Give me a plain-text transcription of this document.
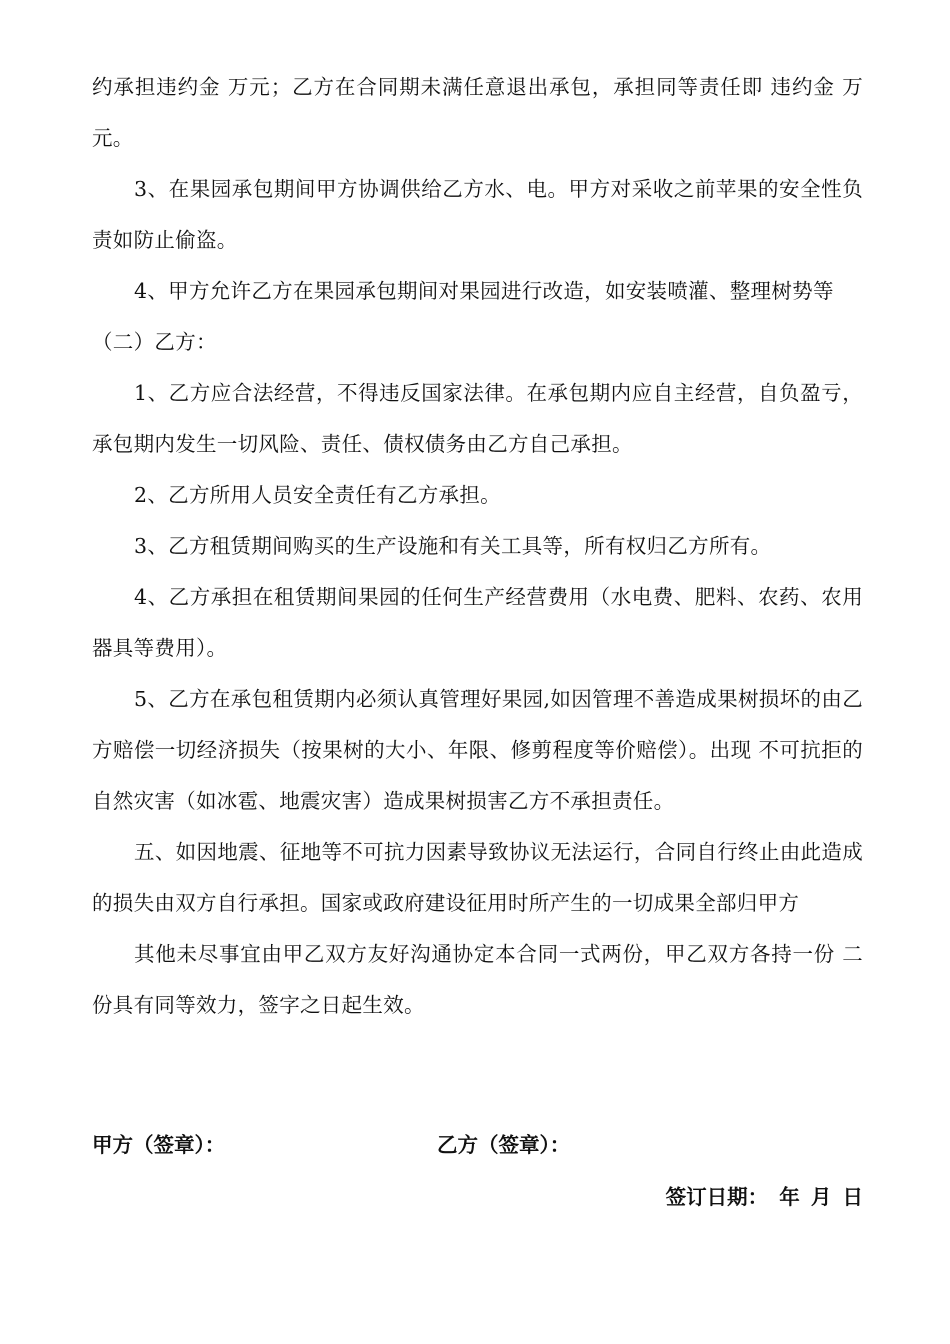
约承担违约金 万元；乙方在合同期未满任意退出承包，承担同等责任即 违约金 万元。

3、在果园承包期间甲方协调供给乙方水、电。甲方对采收之前苹果的安全性负责如防止偷盗。

4、甲方允许乙方在果园承包期间对果园进行改造，如安装喷灌、整理树势等

（二）乙方：

1、乙方应合法经营，不得违反国家法律。在承包期内应自主经营，自负盈亏，承包期内发生一切风险、责任、债权债务由乙方自己承担。

2、乙方所用人员安全责任有乙方承担。

3、乙方租赁期间购买的生产设施和有关工具等，所有权归乙方所有。

4、乙方承担在租赁期间果园的任何生产经营费用（水电费、肥料、农药、农用器具等费用）。

5、乙方在承包租赁期内必须认真管理好果园,如因管理不善造成果树损坏的由乙方赔偿一切经济损失（按果树的大小、年限、修剪程度等价赔偿）。出现 不可抗拒的自然灾害（如冰雹、地震灾害）造成果树损害乙方不承担责任。

五、如因地震、征地等不可抗力因素导致协议无法运行，合同自行终止由此造成的损失由双方自行承担。国家或政府建设征用时所产生的一切成果全部归甲方

其他未尽事宜由甲乙双方友好沟通协定本合同一式两份，甲乙双方各持一份 二份具有同等效力，签字之日起生效。

甲方（签章）：	乙方（签章）：
签订日期： 年 月 日
